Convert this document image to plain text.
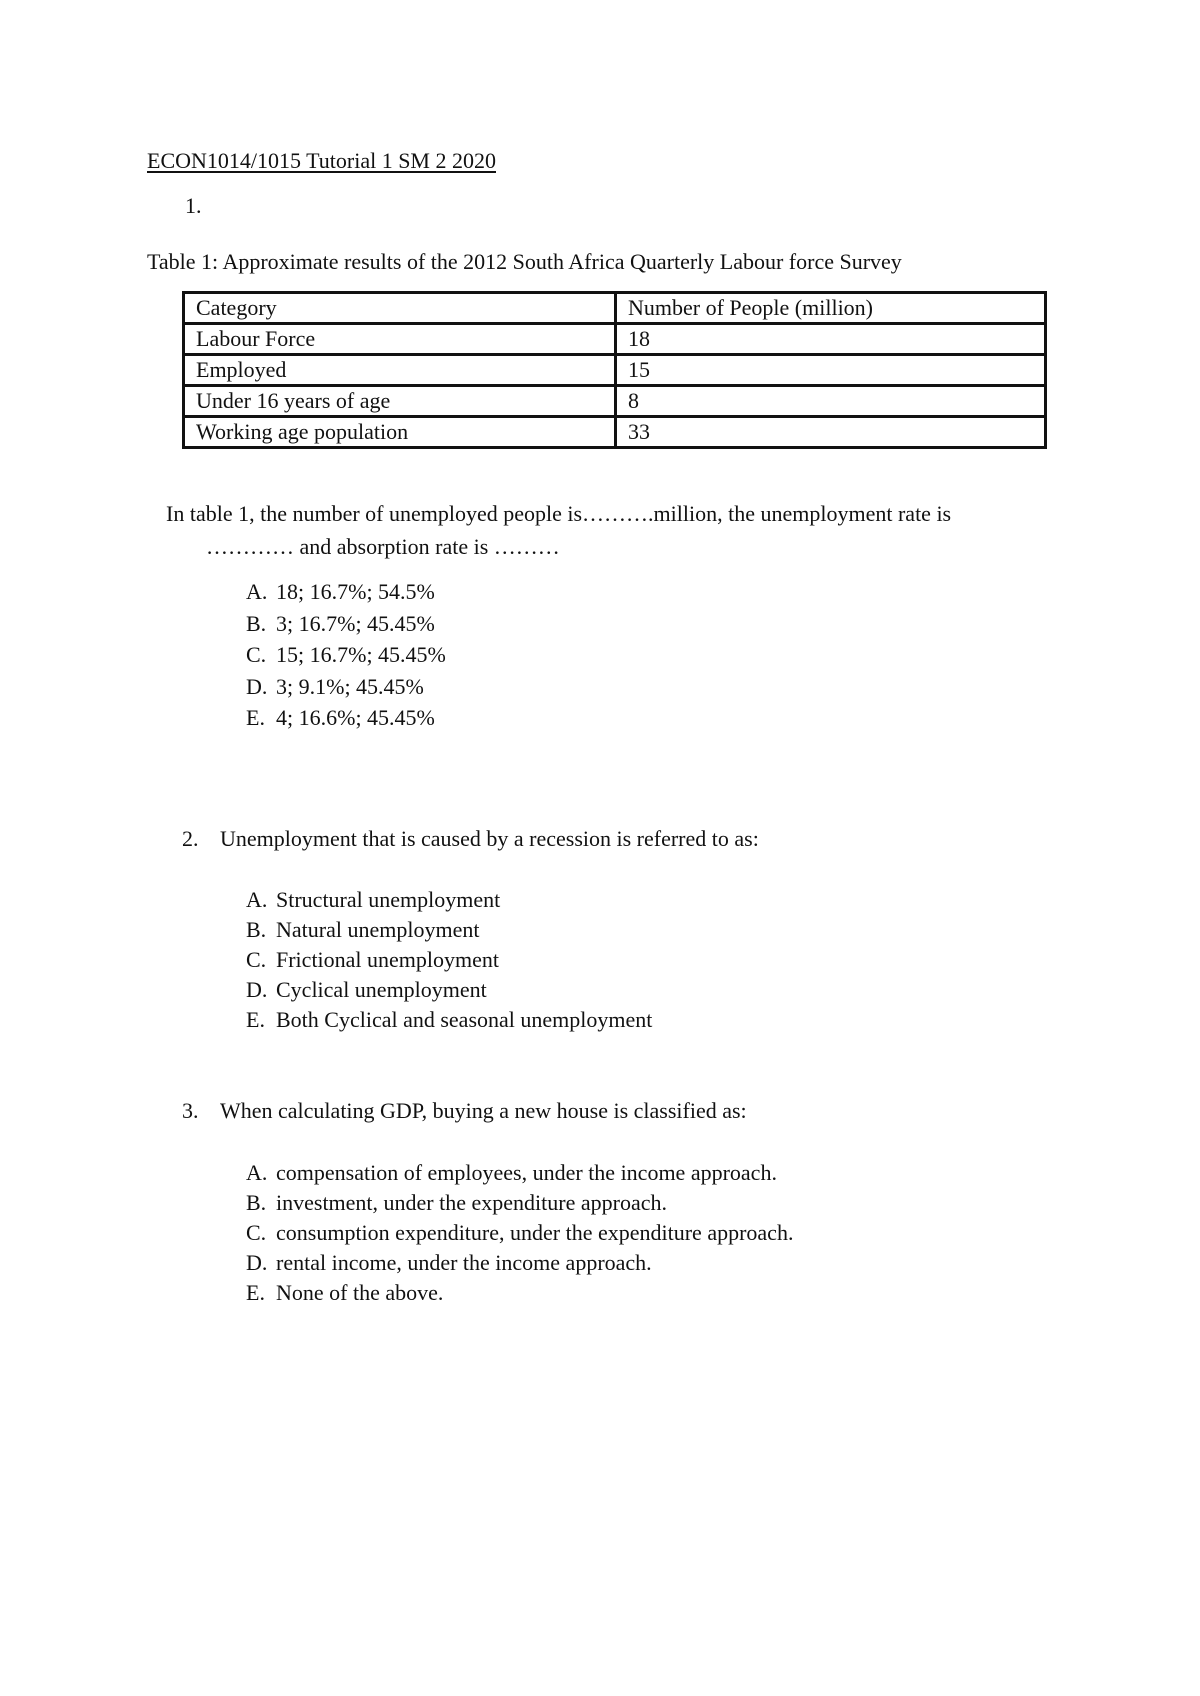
ECON1014/1015 Tutorial 1 SM 2 2020
1.
Table 1: Approximate results of the 2012 South Africa Quarterly Labour force Survey
Category	Number of People (million)
Labour Force	18
Employed	15
Under 16 years of age	8
Working age population	33
In table 1, the number of unemployed people is……….million, the unemployment rate is
………… and absorption rate is ………
A. 18; 16.7%; 54.5%
B. 3; 16.7%; 45.45%
C. 15; 16.7%; 45.45%
D. 3; 9.1%; 45.45%
E. 4; 16.6%; 45.45%
2. Unemployment that is caused by a recession is referred to as:
A. Structural unemployment
B. Natural unemployment
C. Frictional unemployment
D. Cyclical unemployment
E. Both Cyclical and seasonal unemployment
3. When calculating GDP, buying a new house is classified as:
A. compensation of employees, under the income approach.
B. investment, under the expenditure approach.
C. consumption expenditure, under the expenditure approach.
D. rental income, under the income approach.
E. None of the above.
